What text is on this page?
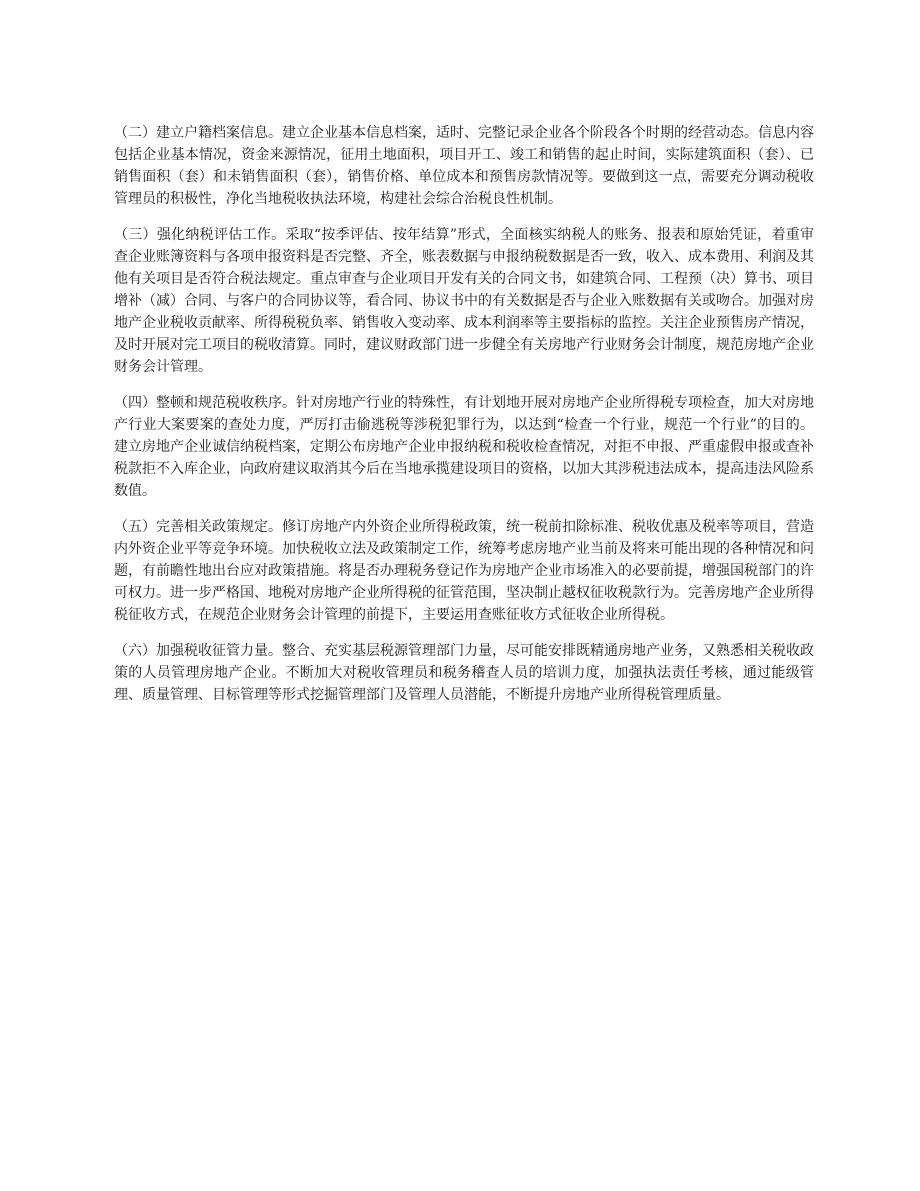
（二）建立户籍档案信息。建立企业基本信息档案，适时、完整记录企业各个阶段各个时期的经营动态。信息内容包括企业基本情况，资金来源情况，征用土地面积，项目开工、竣工和销售的起止时间，实际建筑面积（套）、已销售面积（套）和未销售面积（套），销售价格、单位成本和预售房款情况等。要做到这一点，需要充分调动税收管理员的积极性，净化当地税收执法环境，构建社会综合治税良性机制。

（三）强化纳税评估工作。采取“按季评估、按年结算”形式，全面核实纳税人的账务、报表和原始凭证，着重审查企业账簿资料与各项申报资料是否完整、齐全，账表数据与申报纳税数据是否一致，收入、成本费用、利润及其他有关项目是否符合税法规定。重点审查与企业项目开发有关的合同文书，如建筑合同、工程预（决）算书、项目增补（减）合同、与客户的合同协议等，看合同、协议书中的有关数据是否与企业入账数据有关或吻合。加强对房地产企业税收贡献率、所得税税负率、销售收入变动率、成本利润率等主要指标的监控。关注企业预售房产情况，及时开展对完工项目的税收清算。同时，建议财政部门进一步健全有关房地产行业财务会计制度，规范房地产企业财务会计管理。

（四）整顿和规范税收秩序。针对房地产行业的特殊性，有计划地开展对房地产企业所得税专项检查，加大对房地产行业大案要案的查处力度，严厉打击偷逃税等涉税犯罪行为，以达到“检查一个行业，规范一个行业”的目的。建立房地产企业诚信纳税档案，定期公布房地产企业申报纳税和税收检查情况，对拒不申报、严重虚假申报或查补税款拒不入库企业，向政府建议取消其今后在当地承揽建设项目的资格，以加大其涉税违法成本，提高违法风险系数值。

（五）完善相关政策规定。修订房地产内外资企业所得税政策，统一税前扣除标准、税收优惠及税率等项目，营造内外资企业平等竞争环境。加快税收立法及政策制定工作，统筹考虑房地产业当前及将来可能出现的各种情况和问题，有前瞻性地出台应对政策措施。将是否办理税务登记作为房地产企业市场准入的必要前提，增强国税部门的许可权力。进一步严格国、地税对房地产企业所得税的征管范围，坚决制止越权征收税款行为。完善房地产企业所得税征收方式，在规范企业财务会计管理的前提下，主要运用查账征收方式征收企业所得税。

（六）加强税收征管力量。整合、充实基层税源管理部门力量，尽可能安排既精通房地产业务，又熟悉相关税收政策的人员管理房地产企业。不断加大对税收管理员和税务稽查人员的培训力度，加强执法责任考核，通过能级管理、质量管理、目标管理等形式挖掘管理部门及管理人员潜能，不断提升房地产业所得税管理质量。
